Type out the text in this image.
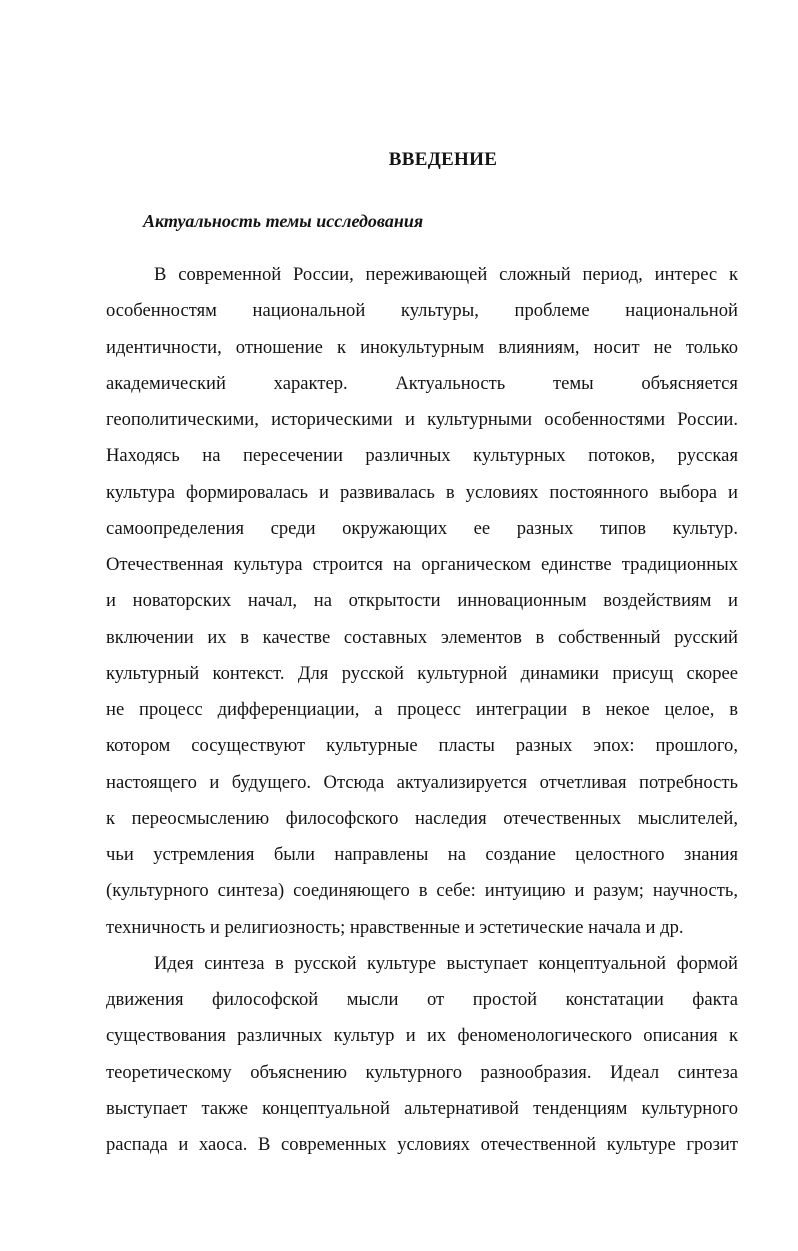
ВВЕДЕНИЕ
Актуальность темы исследования

В современной России, переживающей сложный период, интерес к
особенностям национальной культуры, проблеме национальной
идентичности, отношение к инокультурным влияниям, носит не только
академический характер. Актуальность темы объясняется
геополитическими, историческими и культурными особенностями России.
Находясь на пересечении различных культурных потоков, русская
культура формировалась и развивалась в условиях постоянного выбора и
самоопределения среди окружающих ее разных типов культур.
Отечественная культура строится на органическом единстве традиционных
и новаторских начал, на открытости инновационным воздействиям и
включении их в качестве составных элементов в собственный русский
культурный контекст. Для русской культурной динамики присущ скорее
не процесс дифференциации, а процесс интеграции в некое целое, в
котором сосуществуют культурные пласты разных эпох: прошлого,
настоящего и будущего. Отсюда актуализируется отчетливая потребность
к переосмыслению философского наследия отечественных мыслителей,
чьи устремления были направлены на создание целостного знания
(культурного синтеза) соединяющего в себе: интуицию и разум; научность,
техничность и религиозность; нравственные и эстетические начала и др.

Идея синтеза в русской культуре выступает концептуальной формой
движения философской мысли от простой констатации факта
существования различных культур и их феноменологического описания к
теоретическому объяснению культурного разнообразия. Идеал синтеза
выступает также концептуальной альтернативой тенденциям культурного
распада и хаоса. В современных условиях отечественной культуре грозит
